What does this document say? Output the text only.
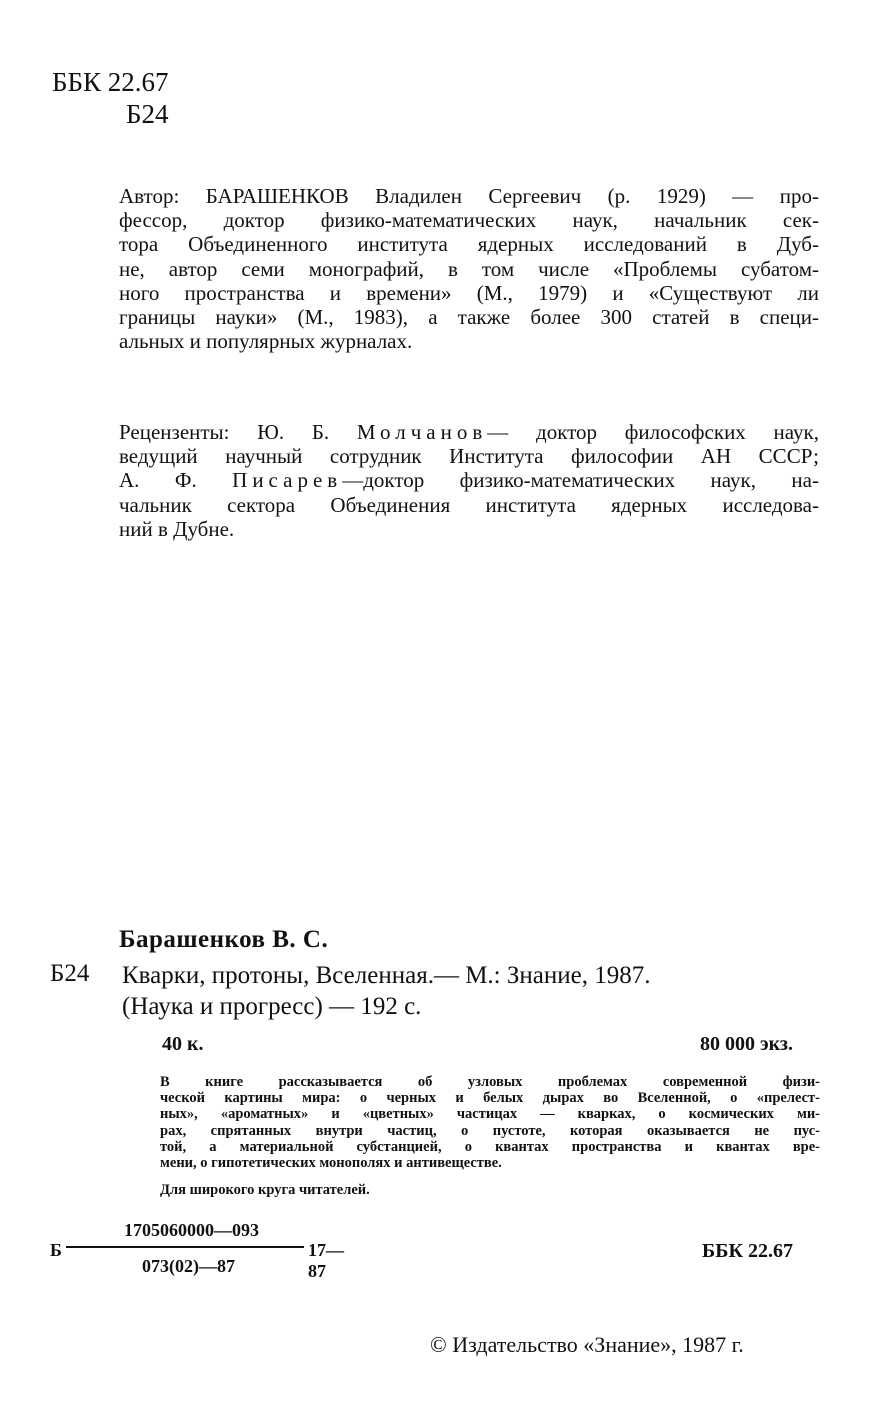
ББК 22.67
Б24
Автор: БАРАШЕНКОВ Владилен Сергеевич (р. 1929) — про-
фессор, доктор физико-математических наук, начальник сек-
тора Объединенного института ядерных исследований в Дуб-
не, автор семи монографий, в том числе «Проблемы субатом-
ного пространства и времени» (М., 1979) и «Существуют ли
границы науки» (М., 1983), а также более 300 статей в специ-
альных и популярных журналах.
Рецензенты: Ю. Б. Молчанов— доктор философских наук,
ведущий научный сотрудник Института философии АН СССР;
А. Ф. Писарев—доктор физико-математических наук, на-
чальник сектора Объединения института ядерных исследова-
ний в Дубне.
Барашенков В. С.
Б24 Кварки, протоны, Вселенная.— М.: Знание, 1987.
(Наука и прогресс) — 192 с.
40 к.	80 000 экз.
В книге рассказывается об узловых проблемах современной физи-
ческой картины мира: о черных и белых дырах во Вселенной, о «прелест-
ных», «ароматных» и «цветных» частицах — кварках, о космических ми-
рах, спрятанных внутри частиц, о пустоте, которая оказывается не пус-
той, а материальной субстанцией, о квантах пространства и квантах вре-
мени, о гипотетических монополях и антивеществе.
Для широкого круга читателей.
Б
1705060000—093
073(02)—87
17—87
ББК 22.67
© Издательство «Знание», 1987 г.
